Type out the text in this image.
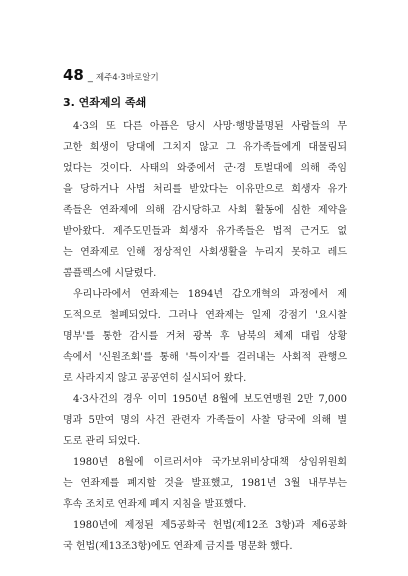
48 _ 제주4·3바로알기
3. 연좌제의 족쇄

4·3의 또 다른 아픔은 당시 사망·행방불명된 사람들의 무
고한 희생이 당대에 그치지 않고 그 유가족들에게 대물림되
었다는 것이다. 사태의 와중에서 군·경 토벌대에 의해 죽임
을 당하거나 사법 처리를 받았다는 이유만으로 희생자 유가
족들은 연좌제에 의해 감시당하고 사회 활동에 심한 제약을
받아왔다. 제주도민들과 희생자 유가족들은 법적 근거도 없
는 연좌제로 인해 정상적인 사회생활을 누리지 못하고 레드
콤플렉스에 시달렸다.

우리나라에서 연좌제는 1894년 갑오개혁의 과정에서 제
도적으로 철폐되었다. 그러나 연좌제는 일제 강점기 '요시찰
명부'를 통한 감시를 거쳐 광복 후 남북의 체제 대립 상황
속에서 '신원조회'를 통해 '특이자'를 걸러내는 사회적 관행으
로 사라지지 않고 공공연히 실시되어 왔다.

4·3사건의 경우 이미 1950년 8월에 보도연맹원 2만 7,000
명과 5만여 명의 사건 관련자 가족들이 사찰 당국에 의해 별
도로 관리 되었다.

1980년 8월에 이르러서야 국가보위비상대책 상임위원회
는 연좌제를 폐지할 것을 발표했고, 1981년 3월 내무부는
후속 조치로 연좌제 폐지 지침을 발표했다.

1980년에 제정된 제5공화국 헌법(제12조 3항)과 제6공화
국 헌법(제13조3항)에도 연좌제 금지를 명문화 했다.
